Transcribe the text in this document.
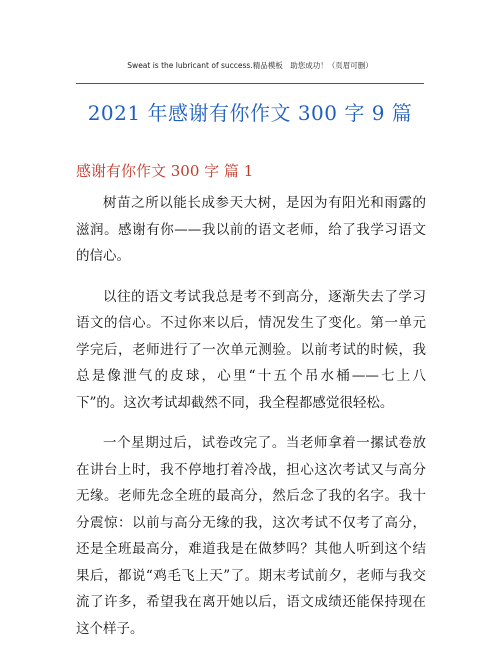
Sweat is the lubricant of success.精品模板　助您成功！（页眉可删）
2021 年感谢有你作文 300 字 9 篇
感谢有你作文 300 字 篇 1

树苗之所以能长成参天大树，是因为有阳光和雨露的滋润。感谢有你——我以前的语文老师，给了我学习语文的信心。

以往的语文考试我总是考不到高分，逐渐失去了学习语文的信心。不过你来以后，情况发生了变化。第一单元学完后，老师进行了一次单元测验。以前考试的时候，我总是像泄气的皮球，心里“十五个吊水桶——七上八下”的。这次考试却截然不同，我全程都感觉很轻松。

一个星期过后，试卷改完了。当老师拿着一摞试卷放在讲台上时，我不停地打着冷战，担心这次考试又与高分无缘。老师先念全班的最高分，然后念了我的名字。我十分震惊：以前与高分无缘的我，这次考试不仅考了高分，还是全班最高分，难道我是在做梦吗？其他人听到这个结果后，都说“鸡毛飞上天”了。期末考试前夕，老师与我交流了许多，希望我在离开她以后，语文成绩还能保持现在这个样子。
